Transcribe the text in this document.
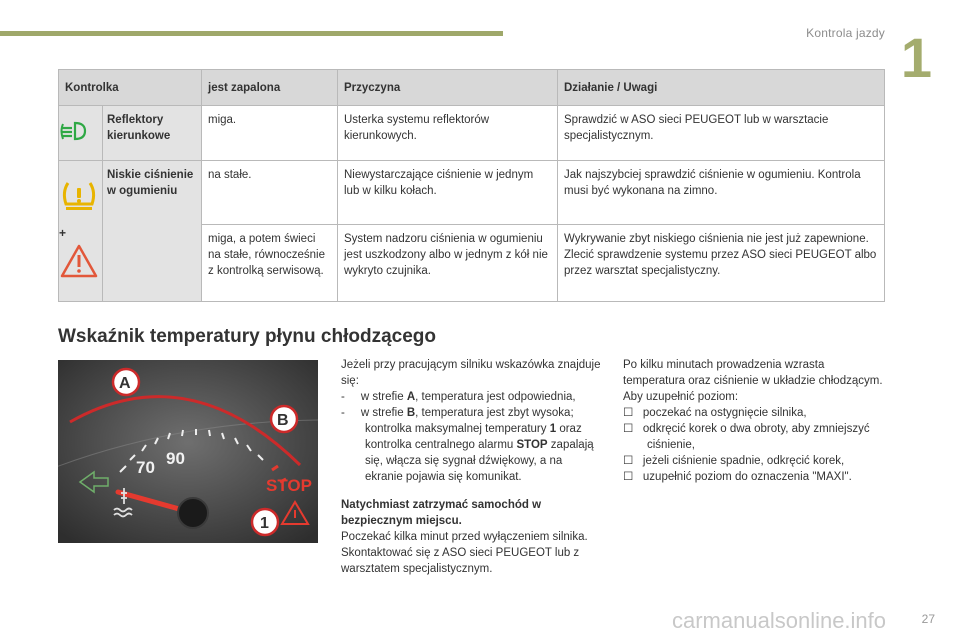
Kontrola jazdy 1
Kontrolka		jest zapalona	Przyczyna	Działanie / Uwagi
	Reflektory kierunkowe	miga.	Usterka systemu reflektorów kierunkowych.	Sprawdzić w ASO sieci PEUGEOT lub w warsztacie specjalistycznym.

+	Niskie ciśnienie w ogumieniu	na stałe.	Niewystarczające ciśnienie w jednym lub w kilku kołach.	Jak najszybciej sprawdzić ciśnienie w ogumieniu. Kontrola musi być wykonana na zimno.
		miga, a potem świeci na stałe, równocześnie z kontrolką serwisową.	System nadzoru ciśnienia w ogumieniu jest uszkodzony albo w jednym z kół nie wykryto czujnika.	Wykrywanie zbyt niskiego ciśnienia nie jest już zapewnione.
Zlecić sprawdzenie systemu przez ASO sieci PEUGEOT albo przez warsztat specjalistyczny.
Wskaźnik temperatury płynu chłodzącego
70 90
A
B
STOP
1

Jeżeli przy pracującym silniku wskazówka znajduje się:

-     w strefie A, temperatura jest odpowiednia,

-     w strefie B, temperatura jest zbyt wysoka; kontrolka maksymalnej temperatury 1 oraz kontrolka centralnego alarmu STOP zapalają się, włącza się sygnał dźwiękowy, a na ekranie pojawia się komunikat.

Natychmiast zatrzymać samochód w bezpiecznym miejscu.

Poczekać kilka minut przed wyłączeniem silnika.

Skontaktować się z ASO sieci PEUGEOT lub z warsztatem specjalistycznym.

Po kilku minutach prowadzenia wzrasta temperatura oraz ciśnienie w układzie chłodzącym.

Aby uzupełnić poziom:

☐   poczekać na ostygnięcie silnika,

☐   odkręcić korek o dwa obroty, aby zmniejszyć ciśnienie,

☐   jeżeli ciśnienie spadnie, odkręcić korek,

☐   uzupełnić poziom do oznaczenia "MAXI".

carmanualsonline.info	27
